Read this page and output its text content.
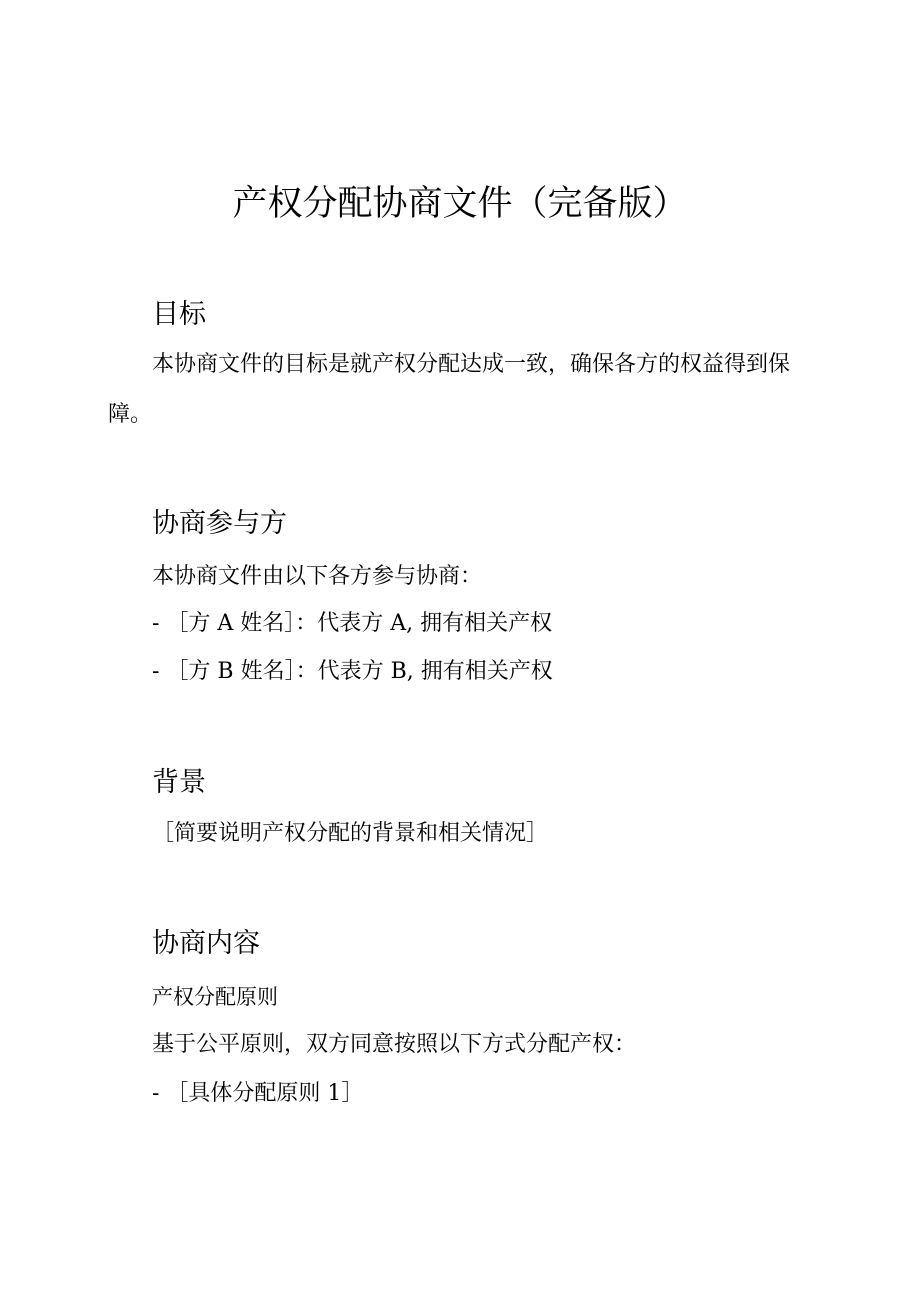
产权分配协商文件（完备版）
目标
本协商文件的目标是就产权分配达成一致，确保各方的权益得到保障。
协商参与方
本协商文件由以下各方参与协商：
- ［方 A 姓名］：代表方 A, 拥有相关产权
- ［方 B 姓名］：代表方 B, 拥有相关产权
背景
［简要说明产权分配的背景和相关情况］
协商内容
产权分配原则
基于公平原则，双方同意按照以下方式分配产权：
- ［具体分配原则 1］
